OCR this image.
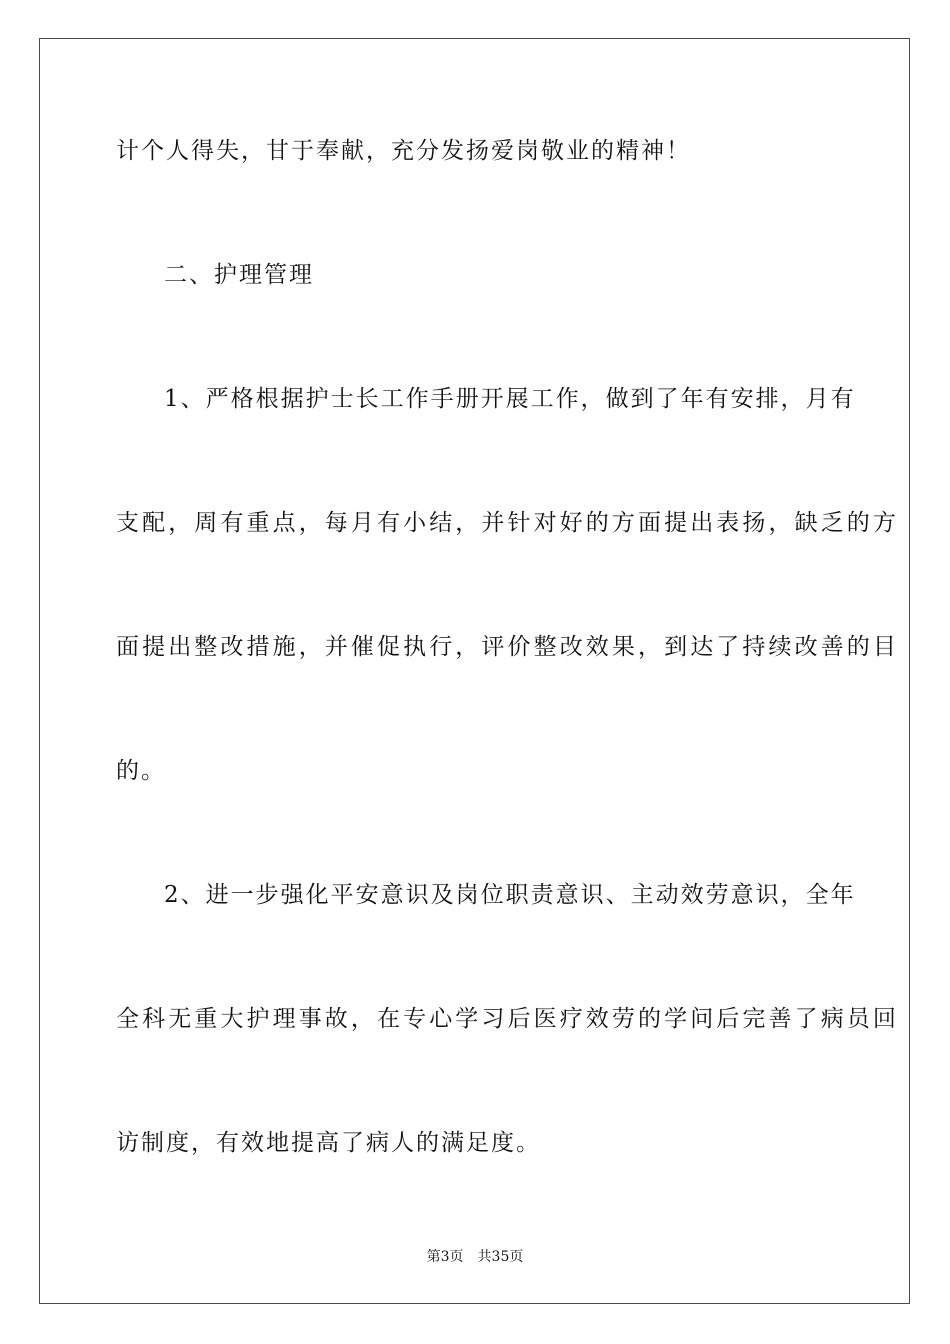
计个人得失，甘于奉献，充分发扬爱岗敬业的精神！
二、护理管理
1、严格根据护士长工作手册开展工作，做到了年有安排，月有
支配，周有重点，每月有小结，并针对好的方面提出表扬，缺乏的方
面提出整改措施，并催促执行，评价整改效果，到达了持续改善的目
的。
2、进一步强化平安意识及岗位职责意识、主动效劳意识，全年
全科无重大护理事故，在专心学习后医疗效劳的学问后完善了病员回
访制度，有效地提高了病人的满足度。
第3页 共35页
